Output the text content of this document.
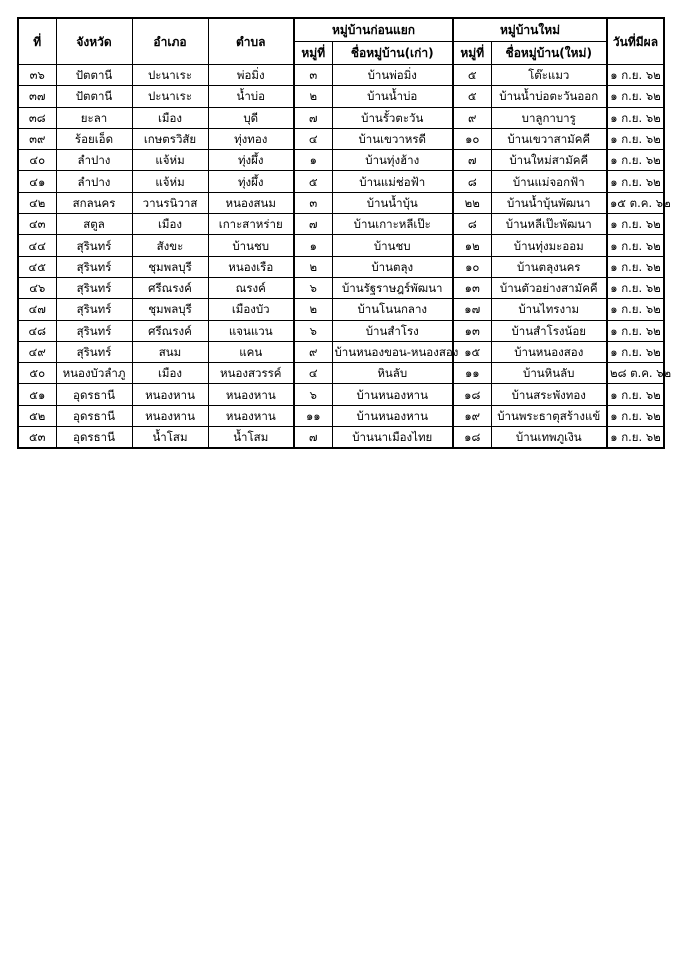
ที่	จังหวัด	อำเภอ	ตำบล	หมู่บ้านก่อนแยก		หมู่บ้านใหม่		วันที่มีผล
				หมู่ที่	ชื่อหมู่บ้าน(เก่า)	หมู่ที่	ชื่อหมู่บ้าน(ใหม่)	
๓๖	ปัตตานี	ปะนาเระ	พ่อมิ่ง	๓	บ้านพ่อมิ่ง	๕	โต๊ะแมว	๑ ก.ย. ๖๒
๓๗	ปัตตานี	ปะนาเระ	น้ำบ่อ	๒	บ้านน้ำบ่อ	๕	บ้านน้ำบ่อตะวันออก	๑ ก.ย. ๖๒
๓๘	ยะลา	เมือง	บุดี	๗	บ้านรั้วตะวัน	๙	บาลูกาบารู	๑ ก.ย. ๖๒
๓๙	ร้อยเอ็ด	เกษตรวิสัย	ทุ่งทอง	๔	บ้านเขวาหรดี	๑๐	บ้านเขวาสามัคคี	๑ ก.ย. ๖๒
๔๐	ลำปาง	แจ้ห่ม	ทุ่งผึ้ง	๑	บ้านทุ่งฮ้าง	๗	บ้านใหม่สามัคคี	๑ ก.ย. ๖๒
๔๑	ลำปาง	แจ้ห่ม	ทุ่งผึ้ง	๕	บ้านแม่ช่อฟ้า	๘	บ้านแม่จอกฟ้า	๑ ก.ย. ๖๒
๔๒	สกลนคร	วานรนิวาส	หนองสนม	๓	บ้านน้ำบุ้น	๒๒	บ้านน้ำบุ้นพัฒนา	๑๕ ต.ค. ๖๒
๔๓	สตูล	เมือง	เกาะสาหร่าย	๗	บ้านเกาะหลีเป๊ะ	๘	บ้านหลีเป๊ะพัฒนา	๑ ก.ย. ๖๒
๔๔	สุรินทร์	สังขะ	บ้านชบ	๑	บ้านชบ	๑๒	บ้านทุ่งมะออม	๑ ก.ย. ๖๒
๔๕	สุรินทร์	ชุมพลบุรี	หนองเรือ	๒	บ้านตลุง	๑๐	บ้านตลุงนคร	๑ ก.ย. ๖๒
๔๖	สุรินทร์	ศรีณรงค์	ณรงค์	๖	บ้านรัฐราษฎร์พัฒนา	๑๓	บ้านตัวอย่างสามัคคี	๑ ก.ย. ๖๒
๔๗	สุรินทร์	ชุมพลบุรี	เมืองบัว	๒	บ้านโนนกลาง	๑๗	บ้านไทรงาม	๑ ก.ย. ๖๒
๔๘	สุรินทร์	ศรีณรงค์	แจนแวน	๖	บ้านสำโรง	๑๓	บ้านสำโรงน้อย	๑ ก.ย. ๖๒
๔๙	สุรินทร์	สนม	แคน	๙	บ้านหนองขอน-หนองสอง	๑๕	บ้านหนองสอง	๑ ก.ย. ๖๒
๕๐	หนองบัวลำภู	เมือง	หนองสวรรค์	๔	หินลับ	๑๑	บ้านหินลับ	๒๘ ต.ค. ๖๒
๕๑	อุดรธานี	หนองหาน	หนองหาน	๖	บ้านหนองหาน	๑๘	บ้านสระพังทอง	๑ ก.ย. ๖๒
๕๒	อุดรธานี	หนองหาน	หนองหาน	๑๑	บ้านหนองหาน	๑๙	บ้านพระธาตุสร้างแข้	๑ ก.ย. ๖๒
๕๓	อุดรธานี	น้ำโสม	น้ำโสม	๗	บ้านนาเมืองไทย	๑๘	บ้านเทพภูเงิน	๑ ก.ย. ๖๒
